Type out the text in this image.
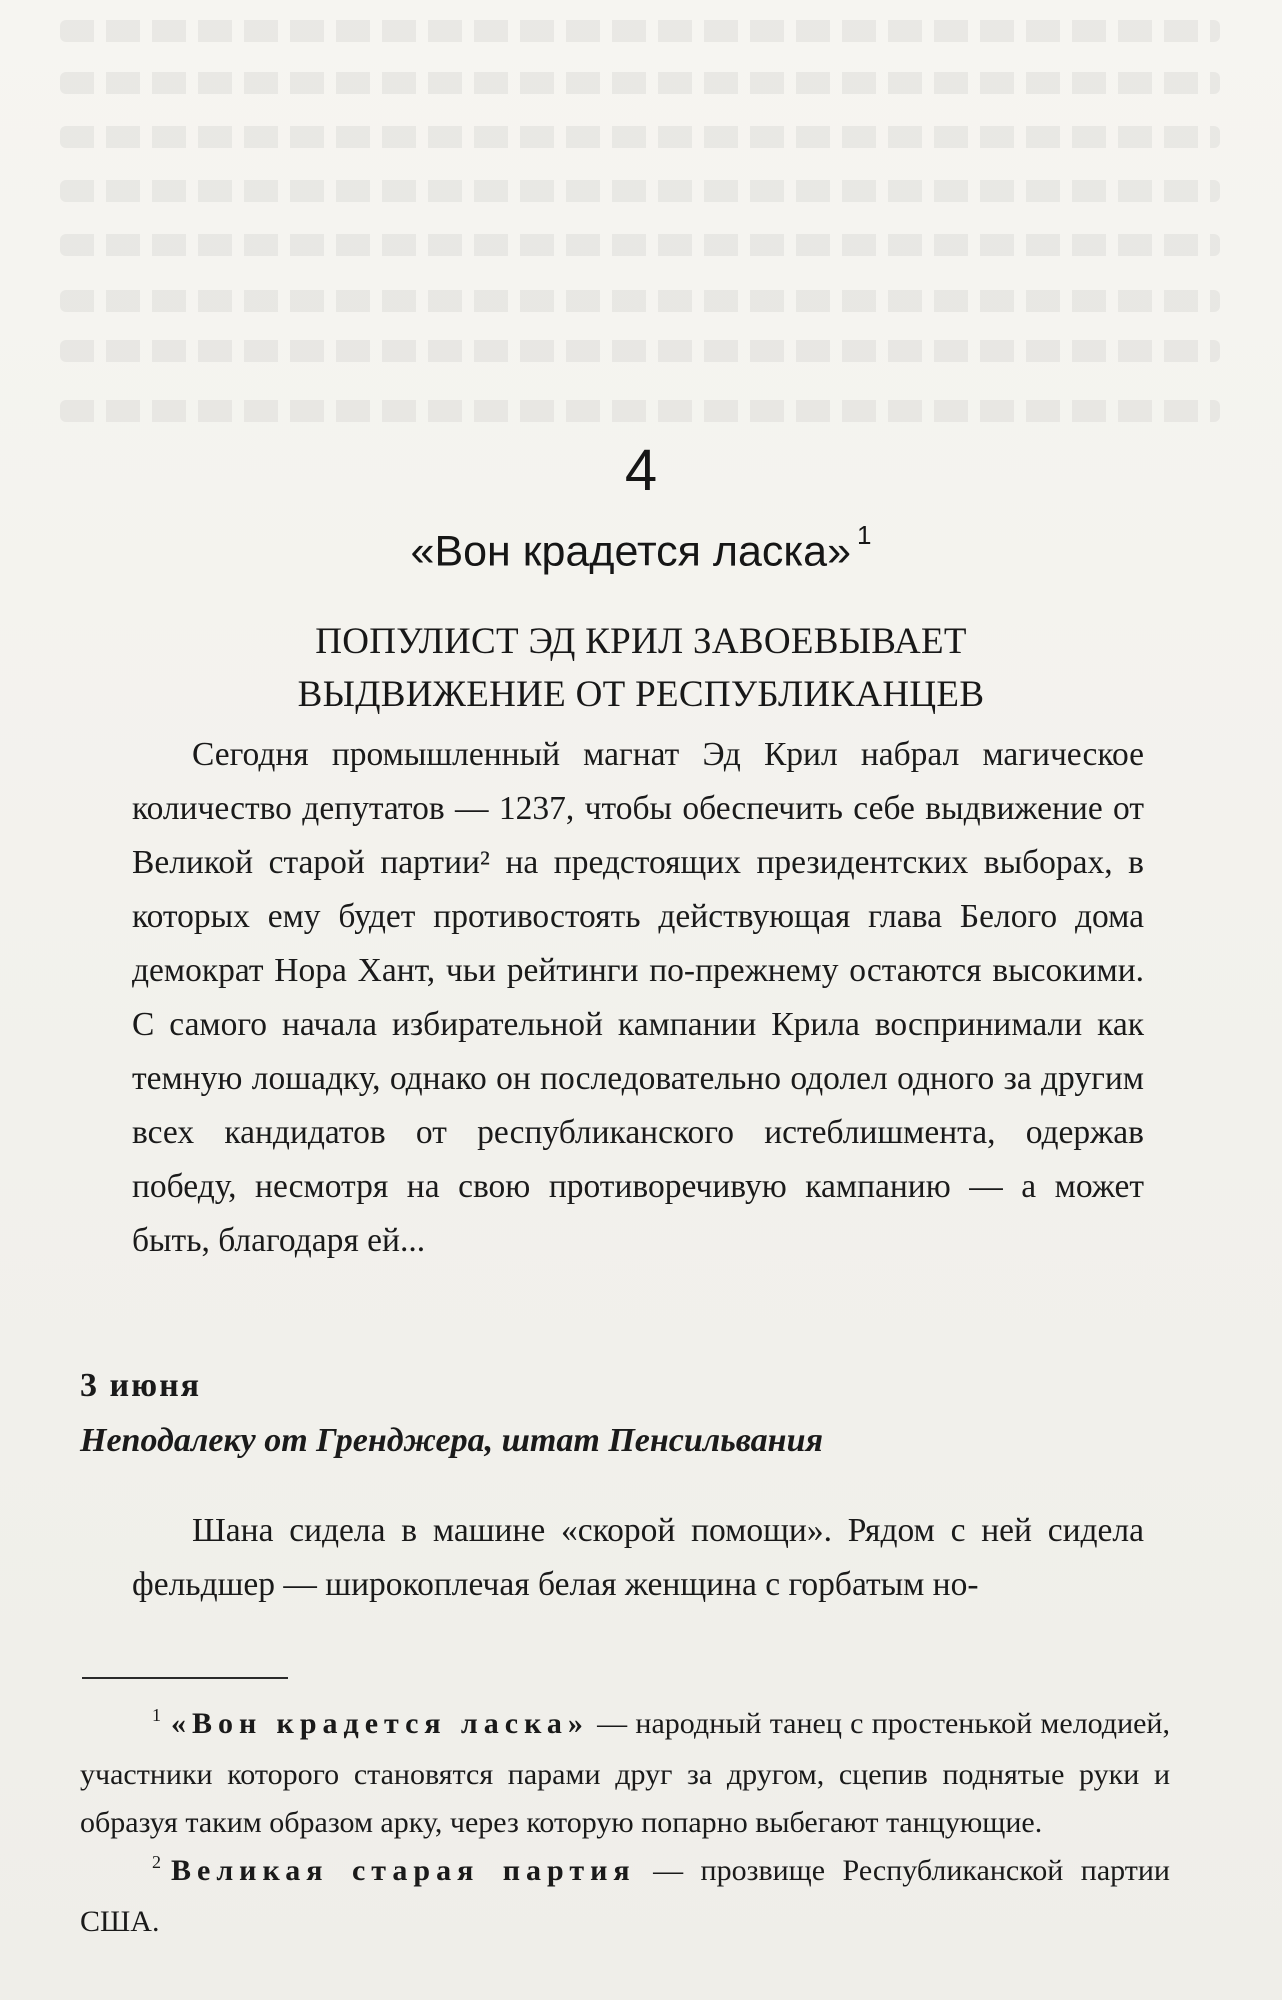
4
«Вон крадется ласка» $^1$
ПОПУЛИСТ ЭД КРИЛ ЗАВОЕВЫВАЕТ
ВЫДВИЖЕНИЕ ОТ РЕСПУБЛИКАНЦЕВ

Сегодня промышленный магнат Эд Крил набрал магическое количество депутатов — 1237, чтобы обеспечить себе выдвижение от Великой старой партии² на предстоящих президентских выборах, в которых ему будет противостоять действующая глава Белого дома демократ Нора Хант, чьи рейтинги по-прежнему остаются высокими. С самого начала избирательной кампании Крила воспринимали как темную лошадку, однако он последовательно одолел одного за другим всех кандидатов от республиканского истеблишмента, одержав победу, несмотря на свою противоречивую кампанию — а может быть, благодаря ей...

3 июня
Неподалеку от Гренджера, штат Пенсильвания

Шана сидела в машине «скорой помощи». Рядом с ней сидела фельдшер — широкоплечая белая женщина с горбатым но-

$^1$ «Вон крадется ласка» — народный танец с простенькой мелодией, участники которого становятся парами друг за другом, сцепив поднятые руки и образуя таким образом арку, через которую попарно выбегают танцующие.

$^2$ Великая старая партия — прозвище Республиканской партии США.
